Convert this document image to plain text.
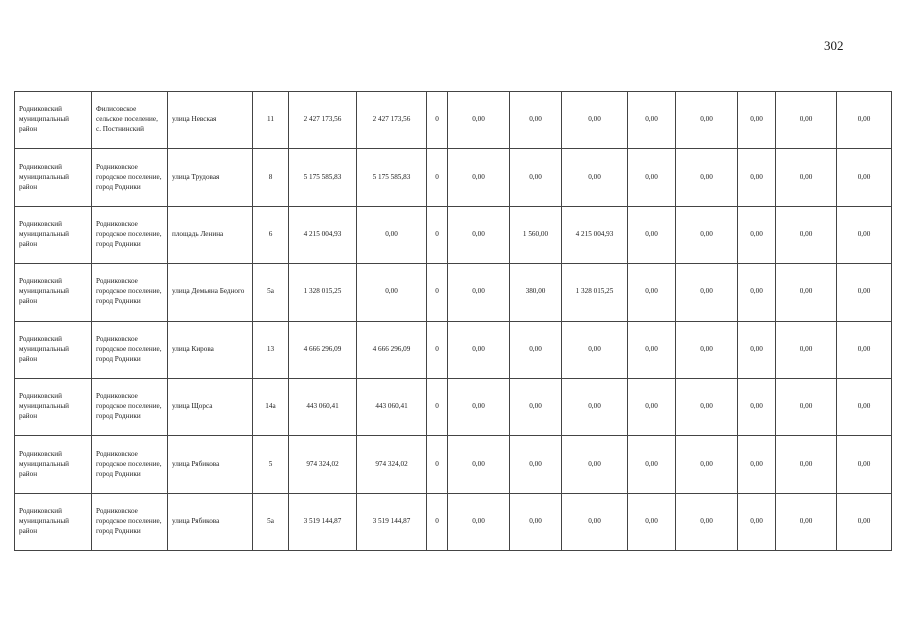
302
Родниковский муниципальный район	Филисовское сельское поселение, с. Постнинский	улица Невская	11	2 427 173,56	2 427 173,56	0	0,00	0,00	0,00	0,00	0,00	0,00	0,00	0,00
Родниковский муниципальный район	Родниковское городское поселение, город Родники	улица Трудовая	8	5 175 585,83	5 175 585,83	0	0,00	0,00	0,00	0,00	0,00	0,00	0,00	0,00
Родниковский муниципальный район	Родниковское городское поселение, город Родники	площадь Ленина	6	4 215 004,93	0,00	0	0,00	1 560,00	4 215 004,93	0,00	0,00	0,00	0,00	0,00
Родниковский муниципальный район	Родниковское городское поселение, город Родники	улица Демьяна Бедного	5а	1 328 015,25	0,00	0	0,00	380,00	1 328 015,25	0,00	0,00	0,00	0,00	0,00
Родниковский муниципальный район	Родниковское городское поселение, город Родники	улица Кирова	13	4 666 296,09	4 666 296,09	0	0,00	0,00	0,00	0,00	0,00	0,00	0,00	0,00
Родниковский муниципальный район	Родниковское городское поселение, город Родники	улица Щорса	14а	443 060,41	443 060,41	0	0,00	0,00	0,00	0,00	0,00	0,00	0,00	0,00
Родниковский муниципальный район	Родниковское городское поселение, город Родники	улица Рябикова	5	974 324,02	974 324,02	0	0,00	0,00	0,00	0,00	0,00	0,00	0,00	0,00
Родниковский муниципальный район	Родниковское городское поселение, город Родники	улица Рябикова	5а	3 519 144,87	3 519 144,87	0	0,00	0,00	0,00	0,00	0,00	0,00	0,00	0,00
